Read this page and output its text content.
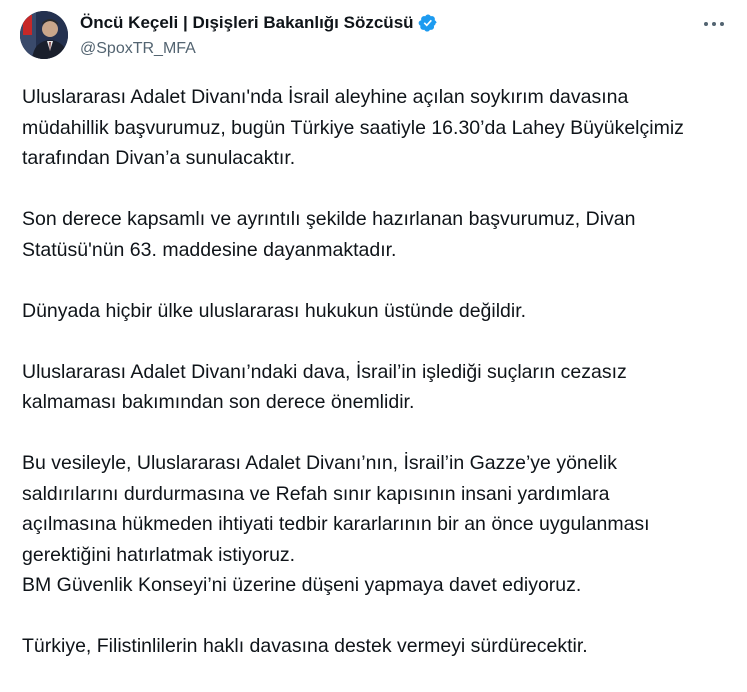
Öncü Keçeli | Dışişleri Bakanlığı Sözcüsü
@SpoxTR_MFA

Uluslararası Adalet Divanı'nda İsrail aleyhine açılan soykırım davasına
müdahillik başvurumuz, bugün Türkiye saatiyle 16.30’da Lahey Büyükelçimiz
tarafından Divan’a sunulacaktır.

Son derece kapsamlı ve ayrıntılı şekilde hazırlanan başvurumuz, Divan
Statüsü'nün 63. maddesine dayanmaktadır.

Dünyada hiçbir ülke uluslararası hukukun üstünde değildir.

Uluslararası Adalet Divanı’ndaki dava, İsrail’in işlediği suçların cezasız
kalmaması bakımından son derece önemlidir.

Bu vesileyle, Uluslararası Adalet Divanı’nın, İsrail’in Gazze’ye yönelik
saldırılarını durdurmasına ve Refah sınır kapısının insani yardımlara
açılmasına hükmeden ihtiyati tedbir kararlarının bir an önce uygulanması
gerektiğini hatırlatmak istiyoruz.
BM Güvenlik Konseyi’ni üzerine düşeni yapmaya davet ediyoruz.

Türkiye, Filistinlilerin haklı davasına destek vermeyi sürdürecektir.
